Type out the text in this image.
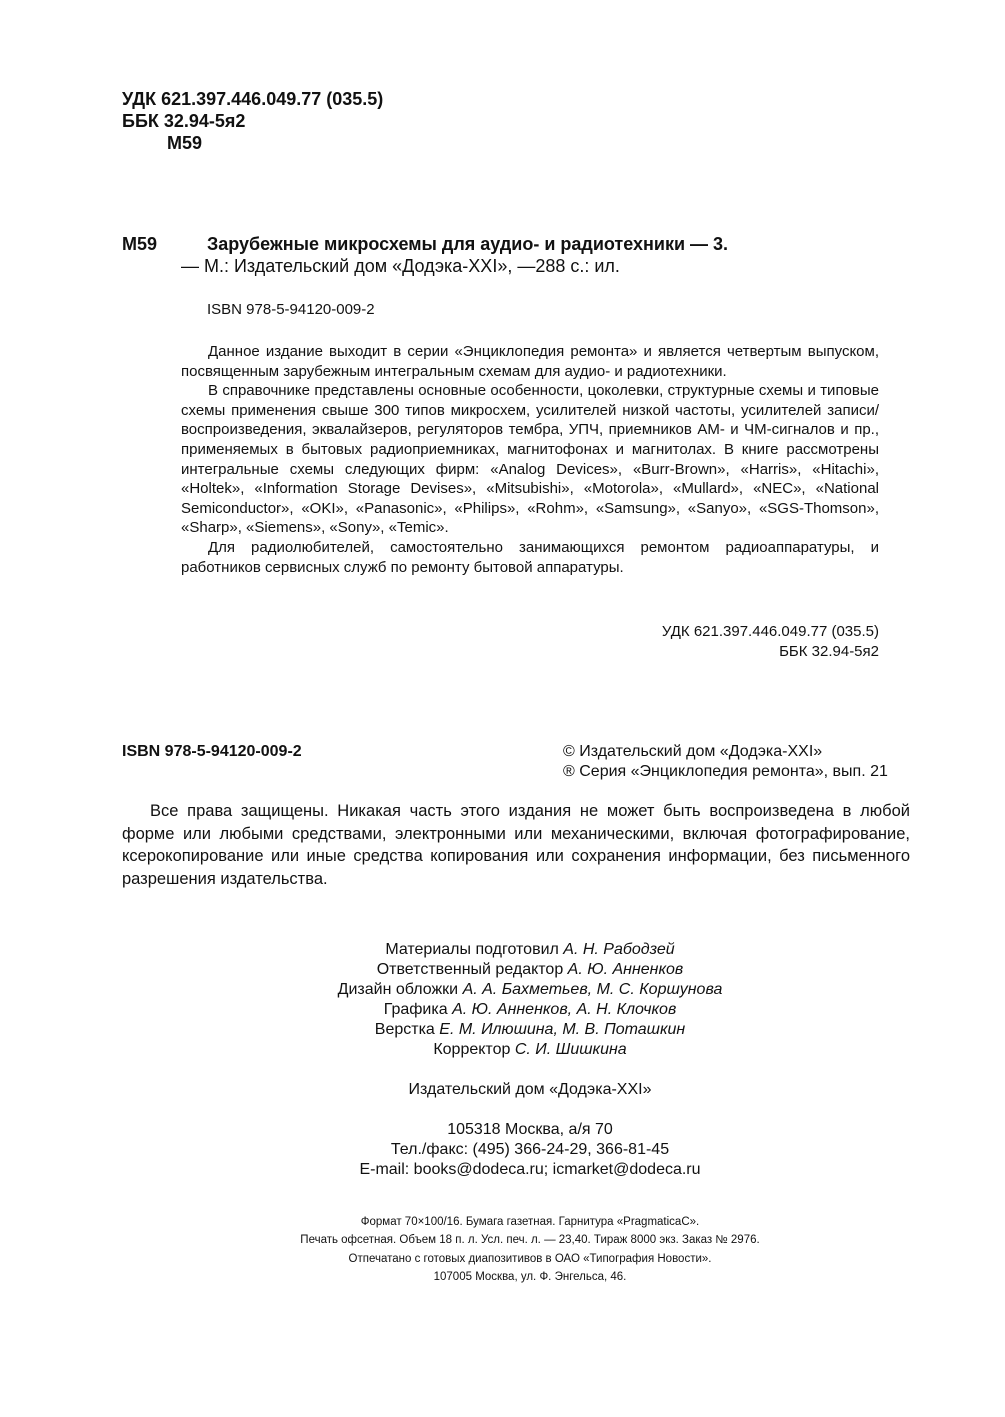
УДК 621.397.446.049.77 (035.5)
ББК 32.94-5я2
М59
М59	Зарубежные микросхемы для аудио- и радиотехники — 3.
— М.: Издательский дом «Додэка-XXI», —288 с.: ил.
ISBN 978-5-94120-009-2

Данное издание выходит в серии «Энциклопедия ремонта» и является четвертым выпуском, посвященным зарубежным интегральным схемам для аудио- и радиотехники.

В справочнике представлены основные особенности, цоколевки, структурные схемы и типовые схемы применения свыше 300 типов микросхем, усилителей низкой частоты, усилителей записи/воспроизведения, эквалайзеров, регуляторов тембра, УПЧ, приемников АМ- и ЧМ-сигналов и пр., применяемых в бытовых радиоприемниках, магнитофонах и магнитолах. В книге рассмотрены интегральные схемы следующих фирм: «Analog Devices», «Burr-Brown», «Harris», «Hitachi», «Holtek», «Information Storage Devises», «Mitsubishi», «Motorola», «Mullard», «NEC», «National Semiconductor», «OKI», «Panasonic», «Philips», «Rohm», «Samsung», «Sanyo», «SGS-Thomson», «Sharp», «Siemens», «Sony», «Temic».

Для радиолюбителей, самостоятельно занимающихся ремонтом радиоаппаратуры, и работников сервисных служб по ремонту бытовой аппаратуры.

УДК 621.397.446.049.77 (035.5)
ББК 32.94-5я2
ISBN 978-5-94120-009-2	© Издательский дом «Додэка-XXI»
® Серия «Энциклопедия ремонта», вып. 21
Все права защищены. Никакая часть этого издания не может быть воспроизведена в любой форме или любыми средствами, электронными или механическими, включая фотографирование, ксерокопирование или иные средства копирования или сохранения информации, без письменного разрешения издательства.
Материалы подготовил А. Н. Рабодзей
Ответственный редактор А. Ю. Анненков
Дизайн обложки А. А. Бахметьев, М. С. Коршунова
Графика А. Ю. Анненков, А. Н. Клочков
Верстка Е. М. Илюшина, М. В. Поташкин
Корректор С. И. Шишкина
Издательский дом «Додэка-XXI»
105318 Москва, а/я 70
Тел./факс: (495) 366-24-29, 366-81-45
E-mail: books@dodeca.ru; icmarket@dodeca.ru
Формат 70×100/16. Бумага газетная. Гарнитура «PragmaticaC».
Печать офсетная. Объем 18 п. л. Усл. печ. л. — 23,40. Тираж 8000 экз. Заказ № 2976.
Отпечатано с готовых диапозитивов в ОАО «Типография Новости».
107005 Москва, ул. Ф. Энгельса, 46.
